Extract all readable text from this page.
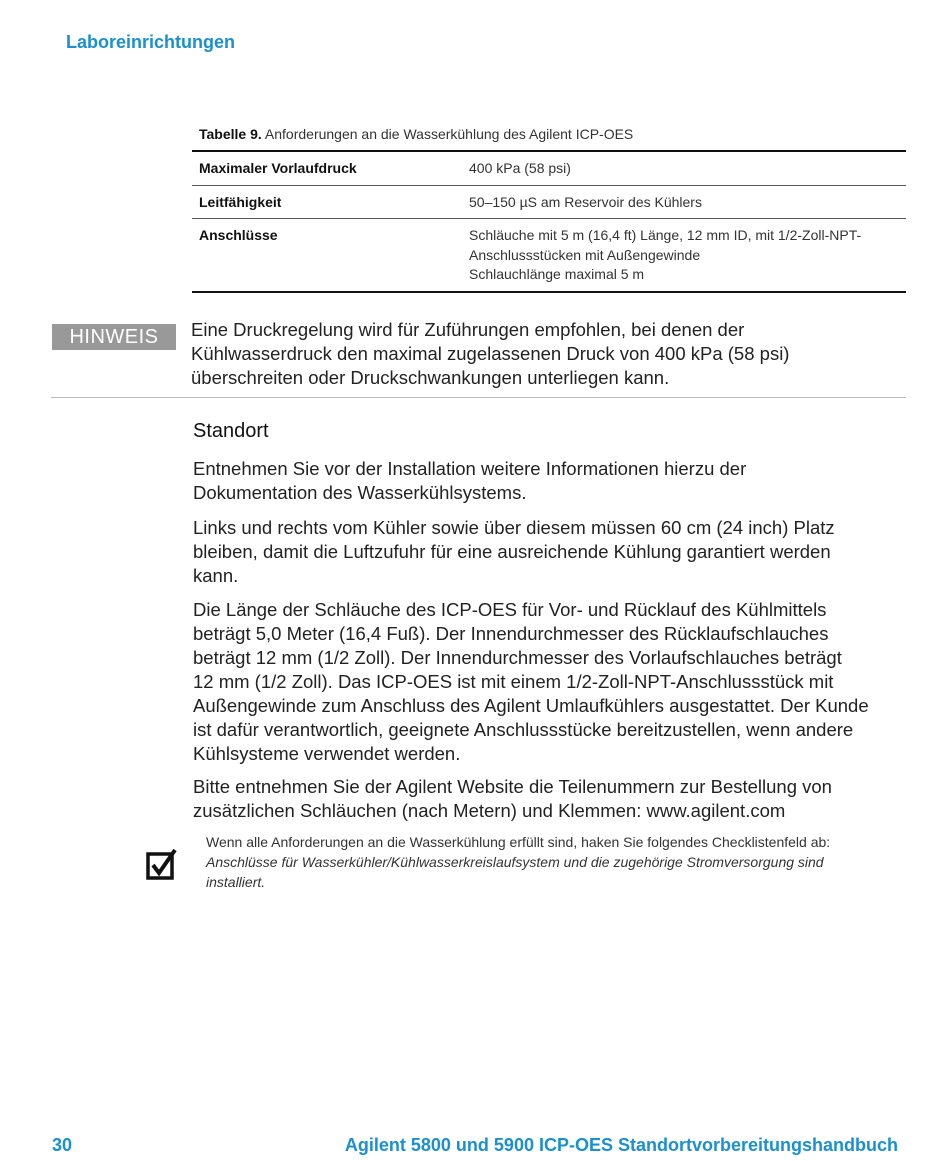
Laboreinrichtungen
Tabelle 9. Anforderungen an die Wasserkühlung des Agilent ICP-OES
Maximaler Vorlaufdruck	400 kPa (58 psi)

Leitfähigkeit	50–150 µS am Reservoir des Kühlers

Anschlüsse	Schläuche mit 5 m (16,4 ft) Länge, 12 mm ID, mit 1/2-Zoll-NPT-
Anschlussstücken mit Außengewinde
Schlauchlänge maximal 5 m
HINWEIS	Eine Druckregelung wird für Zuführungen empfohlen, bei denen der
Kühlwasserdruck den maximal zugelassenen Druck von 400 kPa (58 psi)
überschreiten oder Druckschwankungen unterliegen kann.
Standort
Entnehmen Sie vor der Installation weitere Informationen hierzu der
Dokumentation des Wasserkühlsystems.
Links und rechts vom Kühler sowie über diesem müssen 60 cm (24 inch) Platz
bleiben, damit die Luftzufuhr für eine ausreichende Kühlung garantiert werden
kann.
Die Länge der Schläuche des ICP-OES für Vor- und Rücklauf des Kühlmittels
beträgt 5,0 Meter (16,4 Fuß). Der Innendurchmesser des Rücklaufschlauches
beträgt 12 mm (1/2 Zoll). Der Innendurchmesser des Vorlaufschlauches beträgt
12 mm (1/2 Zoll). Das ICP-OES ist mit einem 1/2-Zoll-NPT-Anschlussstück mit
Außengewinde zum Anschluss des Agilent Umlaufkühlers ausgestattet. Der Kunde
ist dafür verantwortlich, geeignete Anschlussstücke bereitzustellen, wenn andere
Kühlsysteme verwendet werden.
Bitte entnehmen Sie der Agilent Website die Teilenummern zur Bestellung von
zusätzlichen Schläuchen (nach Metern) und Klemmen: www.agilent.com
Wenn alle Anforderungen an die Wasserkühlung erfüllt sind, haken Sie folgendes Checklistenfeld ab:
Anschlüsse für Wasserkühler/Kühlwasserkreislaufsystem und die zugehörige Stromversorgung sind
installiert.
30	Agilent 5800 und 5900 ICP-OES Standortvorbereitungshandbuch
